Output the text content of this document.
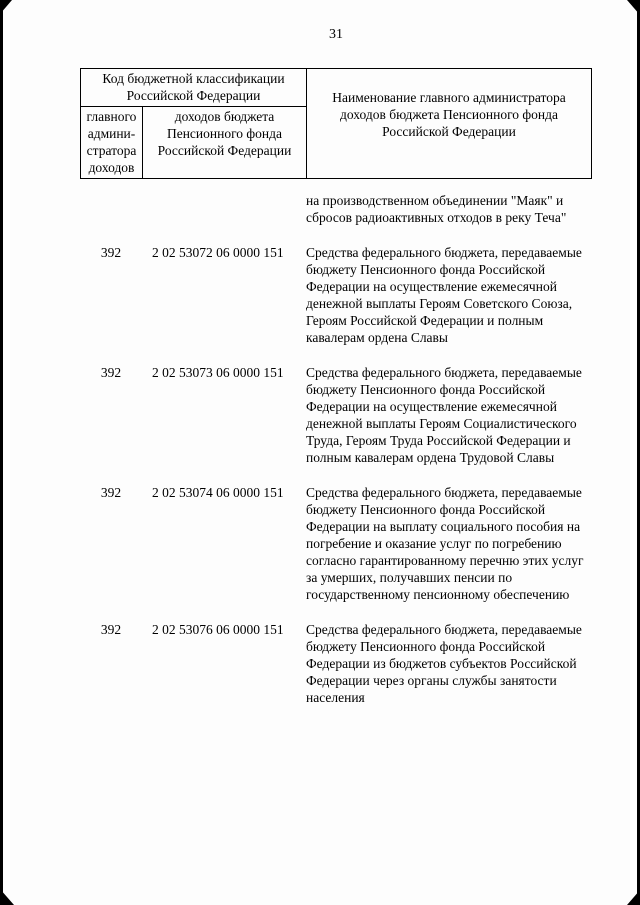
31
Код бюджетной классификации Российской Федерации
главного админи-стратора доходов
доходов бюджета Пенсионного фонда Российской Федерации
Наименование главного администратора доходов бюджета Пенсионного фонда Российской Федерации
на производственном объединении "Маяк" и сбросов радиоактивных отходов в реку Теча"
392	2 02 53072 06 0000 151	Средства федерального бюджета, передаваемые бюджету Пенсионного фонда Российской Федерации на осуществление ежемесячной денежной выплаты Героям Советского Союза, Героям Российской Федерации и полным кавалерам ордена Славы
392	2 02 53073 06 0000 151	Средства федерального бюджета, передаваемые бюджету Пенсионного фонда Российской Федерации на осуществление ежемесячной денежной выплаты Героям Социалистического Труда, Героям Труда Российской Федерации и полным кавалерам ордена Трудовой Славы
392	2 02 53074 06 0000 151	Средства федерального бюджета, передаваемые бюджету Пенсионного фонда Российской Федерации на выплату социального пособия на погребение и оказание услуг по погребению согласно гарантированному перечню этих услуг за умерших, получавших пенсии по государственному пенсионному обеспечению
392	2 02 53076 06 0000 151	Средства федерального бюджета, передаваемые бюджету Пенсионного фонда Российской Федерации из бюджетов субъектов Российской Федерации через органы службы занятости населения
